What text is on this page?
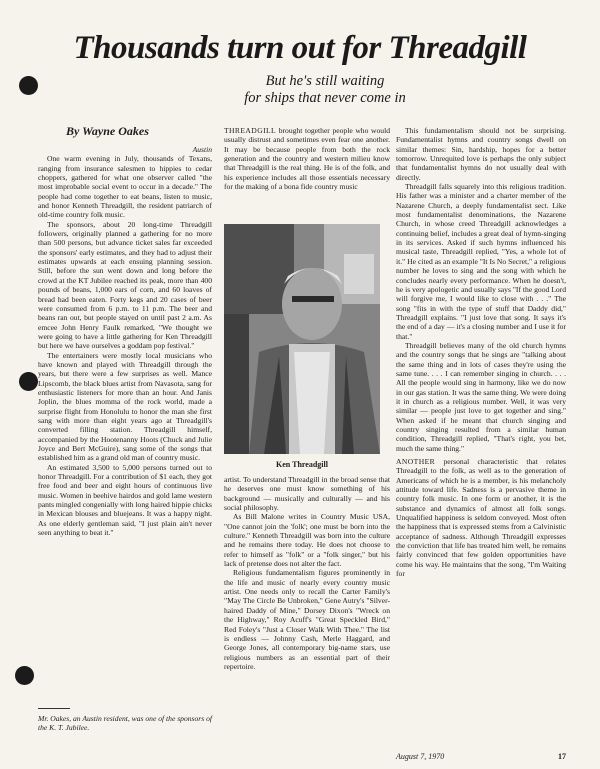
Thousands turn out for Threadgill
But he's still waiting
for ships that never come in
By Wayne Oakes

Austin

One warm evening in July, thousands of Texans, ranging from insurance salesmen to hippies to cedar choppers, gathered for what one observer called "the most improbable social event to occur in a decade." The people had come together to eat beans, listen to music, and honor Kenneth Threadgill, the resident patriarch of old-time country folk music.

The sponsors, about 20 long-time Threadgill followers, originally planned a gathering for no more than 500 persons, but advance ticket sales far exceeded the sponsors' early estimates, and they had to adjust their estimates upwards at each ensuing planning session. Still, before the sun went down and long before the crowd at the KT Jubilee reached its peak, more than 400 pounds of beans, 1,000 ears of corn, and 60 loaves of bread had been eaten. Forty kegs and 20 cases of beer were consumed from 6 p.m. to 11 p.m. The beer and beans ran out, but people stayed on until past 2 a.m. As emcee John Henry Faulk remarked, "We thought we were going to have a little gathering for Ken Threadgill but here we have ourselves a goddam pop festival."

The entertainers were mostly local musicians who have known and played with Threadgill through the years, but there were a few surprises as well. Mance Lipscomb, the black blues artist from Navasota, sang for enthusiastic listeners for more than an hour. And Janis Joplin, the blues momma of the rock world, made a surprise flight from Honolulu to honor the man she first sang with more than eight years ago at Threadgill's converted filling station. Threadgill himself, accompanied by the Hootenanny Hoots (Chuck and Julie Joyce and Bert McGuire), sang some of the songs that established him as a grand old man of country music.

An estimated 3,500 to 5,000 persons turned out to honor Threadgill. For a contribution of $1 each, they got free food and beer and eight hours of continuous live music. Women in beehive hairdos and gold lame western pants mingled congenially with long haired hippie chicks in Mexican blouses and bluejeans. It was a happy night. As one elderly gentleman said, "I just plain ain't never seen anything to beat it."

THREADGILL brought together people who would usually distrust and sometimes even fear one another. It may be because people from both the rock generation and the country and western milieu know that Threadgill is the real thing. He is of the folk, and his experience includes all those essentials necessary for the making of a bona fide country music

Ken Threadgill

artist. To understand Threadgill in the broad sense that he deserves one must know something of his background — musically and culturally — and his social philosophy.

As Bill Malone writes in Country Music USA, "One cannot join the 'folk'; one must be born into the culture." Kenneth Threadgill was born into the culture and he remains there today. He does not choose to refer to himself as "folk" or a "folk singer," but his lack of pretense does not alter the fact.

Religious fundamentalism figures prominently in the life and music of nearly every country music artist. One needs only to recall the Carter Family's "May The Circle Be Unbroken," Gene Autry's "Silver-haired Daddy of Mine," Dorsey Dixon's "Wreck on the Highway," Roy Acuff's "Great Speckled Bird," Red Foley's "Just a Closer Walk With Thee." The list is endless — Johnny Cash, Merle Haggard, and George Jones, all contemporary big-name stars, use religious numbers as an essential part of their repertoire.

This fundamentalism should not be surprising. Fundamentalist hymns and country songs dwell on similar themes: Sin, hardship, hopes for a better tomorrow. Unrequited love is perhaps the only subject that fundamentalist hymns do not usually deal with directly.

Threadgill falls squarely into this religious tradition. His father was a minister and a charter member of the Nazarene Church, a deeply fundamentalist sect. Like most fundamentalist denominations, the Nazarene Church, in whose creed Threadgill acknowledges a continuing belief, includes a great deal of hymn-singing in its services. Asked if such hymns influenced his musical taste, Threadgill replied, "Yes, a whole lot of it." He cited as an example "It Is No Secret," a religious number he loves to sing and the song with which he concludes nearly every performance. When he doesn't, he is very apologetic and usually says "If the good Lord will forgive me, I would like to close with . . ." The song "fits in with the type of stuff that Daddy did," Threadgill explains. "I just love that song. It says it's the end of a day — it's a closing number and I use it for that."

Threadgill believes many of the old church hymns and the country songs that he sings are "talking about the same thing and in lots of cases they're using the same tune. . . . I can remember singing in church. . . . All the people would sing in harmony, like we do now in our gas station. It was the same thing. We were doing it in church as a religious number. Well, it was very similar — people just love to get together and sing." When asked if he meant that church singing and country singing resulted from a similar human condition, Threadgill replied, "That's right, you bet, much the same thing."

ANOTHER personal characteristic that relates Threadgill to the folk, as well as to the generation of Americans of which he is a member, is his melancholy attitude toward life. Sadness is a pervasive theme in country folk music. In one form or another, it is the substance and dynamics of almost all folk songs. Unqualified happiness is seldom conveyed. Most often the happiness that is expressed stems from a Calvinistic acceptance of sadness. Although Threadgill expresses the conviction that life has treated him well, he remains fairly convinced that few golden opportunities have come his way. He maintains that the song, "I'm Waiting for

Mr. Oakes, an Austin resident, was one of the sponsors of the K. T. Jubilee.
August 7, 1970	17
